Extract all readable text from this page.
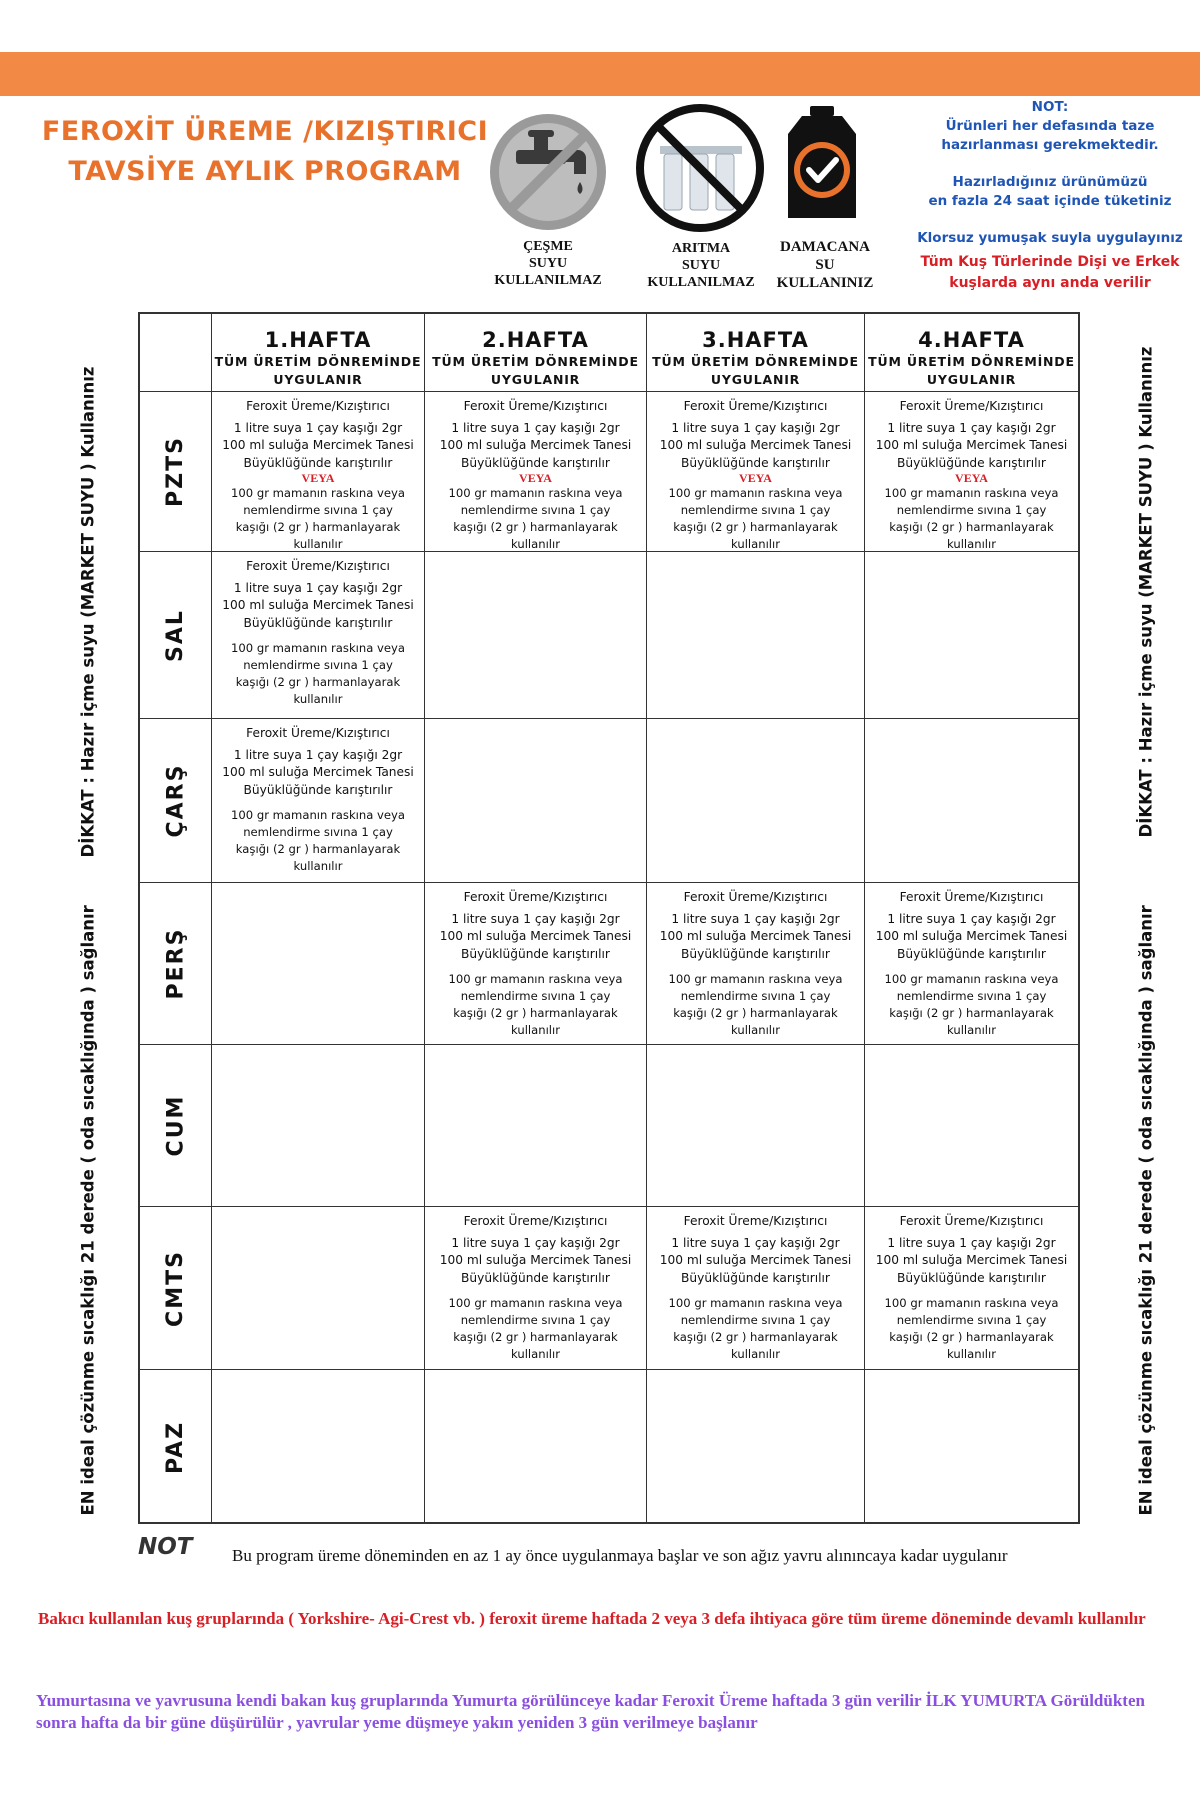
FEROXİT ÜREME /KIZIŞTIRICI
TAVSİYE AYLIK PROGRAM
ÇEŞME
SUYU
KULLANILMAZ
ARITMA
SUYU
KULLANILMAZ
DAMACANA
SU
KULLANINIZ
NOT:
Ürünleri her defasında taze
hazırlanması gerekmektedir.
Hazırladığınız ürünümüzü
en fazla 24 saat içinde tüketiniz
Klorsuz yumuşak suyla uygulayınız
Tüm Kuş Türlerinde Dişi ve Erkek
kuşlarda aynı anda verilir
DİKKAT : Hazır içme suyu (MARKET SUYU ) Kullanınız
EN ideal çözünme sıcaklığı 21 derede ( oda sıcaklığında ) sağlanır
DİKKAT : Hazır içme suyu (MARKET SUYU ) Kullanınız
EN ideal çözünme sıcaklığı 21 derede ( oda sıcaklığında ) sağlanır
1.HAFTA
TÜM ÜRETİM DÖNREMİNDE
UYGULANIR
2.HAFTA
TÜM ÜRETİM DÖNREMİNDE
UYGULANIR
3.HAFTA
TÜM ÜRETİM DÖNREMİNDE
UYGULANIR
4.HAFTA
TÜM ÜRETİM DÖNREMİNDE
UYGULANIR
PZTS
Feroxit Üreme/Kızıştırıcı
1 litre suya 1 çay kaşığı 2gr
100 ml suluğa Mercimek Tanesi
Büyüklüğünde karıştırılır
VEYA
100 gr mamanın raskına veya
nemlendirme sıvına 1 çay
kaşığı (2 gr ) harmanlayarak
kullanılır
Feroxit Üreme/Kızıştırıcı
1 litre suya 1 çay kaşığı 2gr
100 ml suluğa Mercimek Tanesi
Büyüklüğünde karıştırılır
VEYA
100 gr mamanın raskına veya
nemlendirme sıvına 1 çay
kaşığı (2 gr ) harmanlayarak
kullanılır
Feroxit Üreme/Kızıştırıcı
1 litre suya 1 çay kaşığı 2gr
100 ml suluğa Mercimek Tanesi
Büyüklüğünde karıştırılır
VEYA
100 gr mamanın raskına veya
nemlendirme sıvına 1 çay
kaşığı (2 gr ) harmanlayarak
kullanılır
Feroxit Üreme/Kızıştırıcı
1 litre suya 1 çay kaşığı 2gr
100 ml suluğa Mercimek Tanesi
Büyüklüğünde karıştırılır
VEYA
100 gr mamanın raskına veya
nemlendirme sıvına 1 çay
kaşığı (2 gr ) harmanlayarak
kullanılır
SAL
Feroxit Üreme/Kızıştırıcı
1 litre suya 1 çay kaşığı 2gr
100 ml suluğa Mercimek Tanesi
Büyüklüğünde karıştırılır
100 gr mamanın raskına veya
nemlendirme sıvına 1 çay
kaşığı (2 gr ) harmanlayarak
kullanılır
ÇARŞ
Feroxit Üreme/Kızıştırıcı
1 litre suya 1 çay kaşığı 2gr
100 ml suluğa Mercimek Tanesi
Büyüklüğünde karıştırılır
100 gr mamanın raskına veya
nemlendirme sıvına 1 çay
kaşığı (2 gr ) harmanlayarak
kullanılır
PERŞ
Feroxit Üreme/Kızıştırıcı
1 litre suya 1 çay kaşığı 2gr
100 ml suluğa Mercimek Tanesi
Büyüklüğünde karıştırılır
100 gr mamanın raskına veya
nemlendirme sıvına 1 çay
kaşığı (2 gr ) harmanlayarak
kullanılır
Feroxit Üreme/Kızıştırıcı
1 litre suya 1 çay kaşığı 2gr
100 ml suluğa Mercimek Tanesi
Büyüklüğünde karıştırılır
100 gr mamanın raskına veya
nemlendirme sıvına 1 çay
kaşığı (2 gr ) harmanlayarak
kullanılır
Feroxit Üreme/Kızıştırıcı
1 litre suya 1 çay kaşığı 2gr
100 ml suluğa Mercimek Tanesi
Büyüklüğünde karıştırılır
100 gr mamanın raskına veya
nemlendirme sıvına 1 çay
kaşığı (2 gr ) harmanlayarak
kullanılır
CUM
CMTS
Feroxit Üreme/Kızıştırıcı
1 litre suya 1 çay kaşığı 2gr
100 ml suluğa Mercimek Tanesi
Büyüklüğünde karıştırılır
100 gr mamanın raskına veya
nemlendirme sıvına 1 çay
kaşığı (2 gr ) harmanlayarak
kullanılır
Feroxit Üreme/Kızıştırıcı
1 litre suya 1 çay kaşığı 2gr
100 ml suluğa Mercimek Tanesi
Büyüklüğünde karıştırılır
100 gr mamanın raskına veya
nemlendirme sıvına 1 çay
kaşığı (2 gr ) harmanlayarak
kullanılır
Feroxit Üreme/Kızıştırıcı
1 litre suya 1 çay kaşığı 2gr
100 ml suluğa Mercimek Tanesi
Büyüklüğünde karıştırılır
100 gr mamanın raskına veya
nemlendirme sıvına 1 çay
kaşığı (2 gr ) harmanlayarak
kullanılır
PAZ
NOT Bu program üreme döneminden en az 1 ay önce uygulanmaya başlar ve son ağız yavru alınıncaya kadar uygulanır
Bakıcı kullanılan kuş gruplarında ( Yorkshire- Agi-Crest vb. ) feroxit üreme haftada 2 veya 3 defa ihtiyaca göre tüm üreme döneminde devamlı kullanılır
Yumurtasına ve yavrusuna kendi bakan kuş gruplarında Yumurta görülünceye kadar Feroxit Üreme haftada 3 gün verilir İLK YUMURTA Görüldükten sonra hafta da bir güne düşürülür , yavrular yeme düşmeye yakın yeniden 3 gün verilmeye başlanır
